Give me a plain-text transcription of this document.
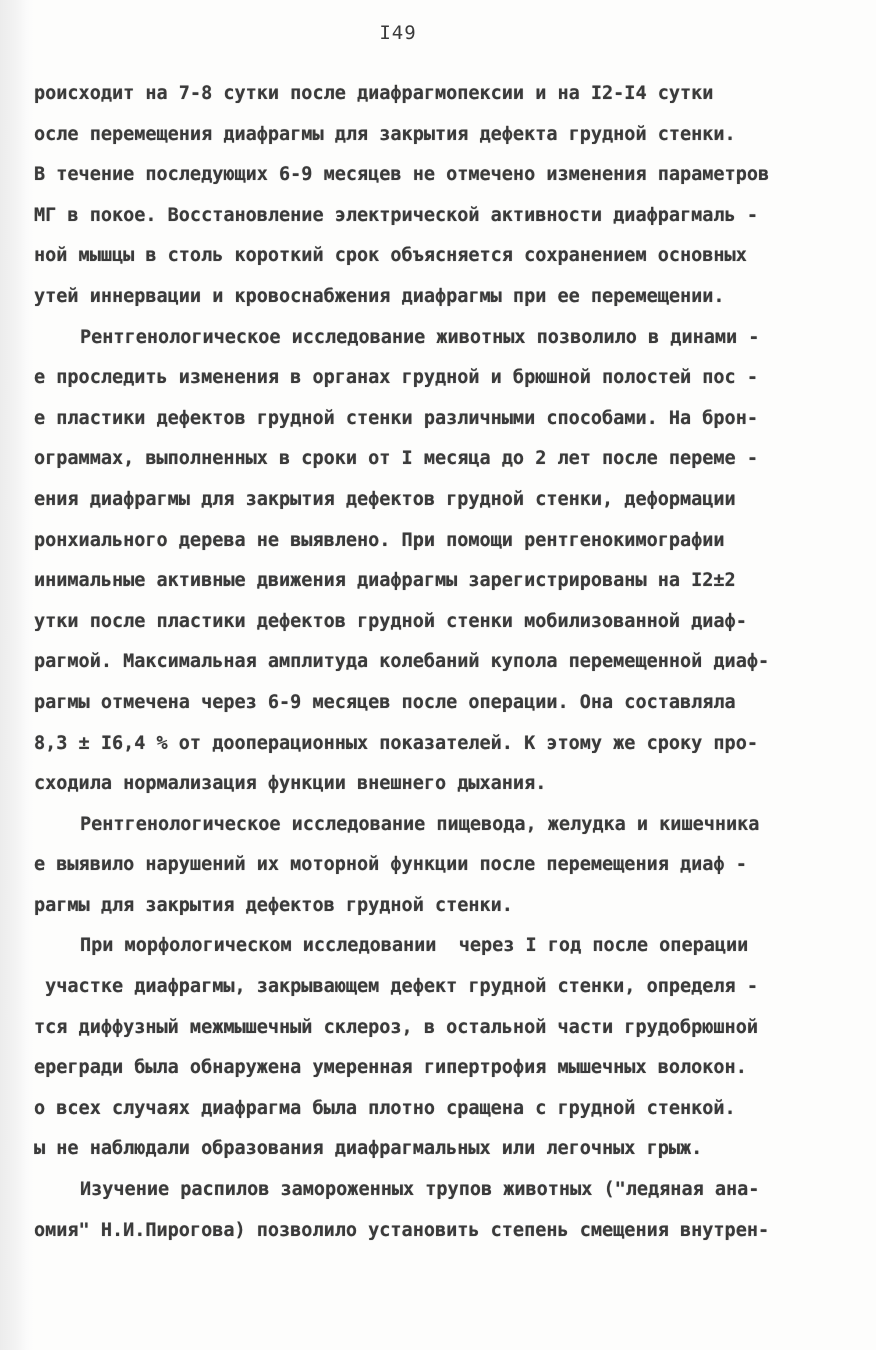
I49
роисходит на 7-8 сутки после диафрагмопексии и на I2-I4 сутки
осле перемещения диафрагмы для закрытия дефекта грудной стенки.
В течение последующих 6-9 месяцев не отмечено изменения параметров
МГ в покое. Восстановление электрической активности диафрагмаль -
ной мышцы в столь короткий срок объясняется сохранением основных
утей иннервации и кровоснабжения диафрагмы при ее перемещении.
Рентгенологическое исследование животных позволило в динами -
е проследить изменения в органах грудной и брюшной полостей пос -
е пластики дефектов грудной стенки различными способами. На брон-
ограммах, выполненных в сроки от I месяца до 2 лет после переме -
ения диафрагмы для закрытия дефектов грудной стенки, деформации
ронхиального дерева не выявлено. При помощи рентгенокимографии
инимальные активные движения диафрагмы зарегистрированы на I2±2
утки после пластики дефектов грудной стенки мобилизованной диаф-
рагмой. Максимальная амплитуда колебаний купола перемещенной диаф-
рагмы отмечена через 6-9 месяцев после операции. Она составляла
8,3 ± I6,4 % от дооперационных показателей. К этому же сроку про-
сходила нормализация функции внешнего дыхания.
Рентгенологическое исследование пищевода, желудка и кишечника
е выявило нарушений их моторной функции после перемещения диаф -
рагмы для закрытия дефектов грудной стенки.
При морфологическом исследовании  через I год после операции
участке диафрагмы, закрывающем дефект грудной стенки, определя -
тся диффузный межмышечный склероз, в остальной части грудобрюшной
ерегради была обнаружена умеренная гипертрофия мышечных волокон.
о всех случаях диафрагма была плотно сращена с грудной стенкой.
ы не наблюдали образования диафрагмальных или легочных грыж.
Изучение распилов замороженных трупов животных ("ледяная ана-
омия" Н.И.Пирогова) позволило установить степень смещения внутрен-
